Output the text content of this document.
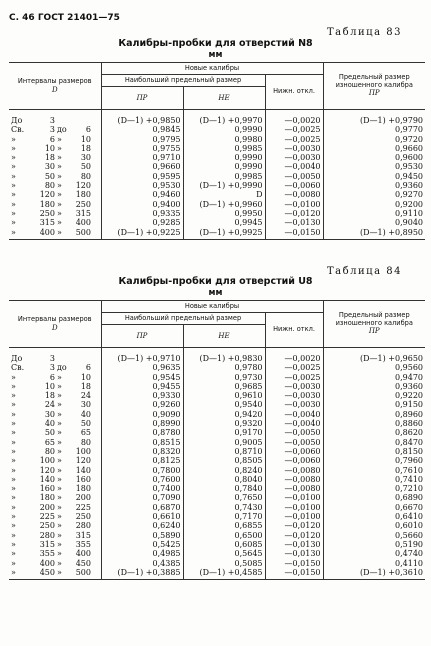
С. 46 ГОСТ 21401—75
Таблица 83
Калибры-пробки для отверстий N8
мм
Интервалы размеров
D	Новые калибры			Предельный размер изношенного калибра
ПР
	Наибольший предельный размер		Нижн. откл.	
	ПР	НЕ		
До 3	(D—1) +0,9850	(D—1) +0,9970	—0,0020	(D—1) +0,9790
Св. 3 до 6	0,9845	0,9990	—0,0025	0,9770
» 6 » 10	0,9795	0,9980	—0,0025	0,9720
» 10 » 18	0,9755	0,9985	—0,0030	0,9660
» 18 » 30	0,9710	0,9990	—0,0030	0,9600
» 30 » 50	0,9660	0,9990	—0,0040	0,9530
» 50 » 80	0,9595	0,9985	—0,0050	0,9450
» 80 » 120	0,9530	(D—1) +0,9990	—0,0060	0,9360
» 120 » 180	0,9460	D	—0,0080	0,9270
» 180 » 250	0,9400	(D—1) +0,9960	—0,0100	0,9200
» 250 » 315	0,9335	0,9950	—0,0120	0,9110
» 315 » 400	0,9285	0,9945	—0,0130	0,9040
» 400 » 500	(D—1) +0,9225	(D—1) +0,9925	—0,0150	(D—1) +0,8950
Таблица 84
Калибры-пробки для отверстий U8
мм
Интервалы размеров
D	Новые калибры			Предельный размер изношенного калибра
ПР
	Наибольший предельный размер		Нижн. откл.	
	ПР	НЕ		
До 3	(D—1) +0,9710	(D—1) +0,9830	—0,0020	(D—1) +0,9650
Св. 3 до 6	0,9635	0,9780	—0,0025	0,9560
» 6 » 10	0,9545	0,9730	—0,0025	0,9470
» 10 » 18	0,9455	0,9685	—0,0030	0,9360
» 18 » 24	0,9330	0,9610	—0,0030	0,9220
» 24 » 30	0,9260	0,9540	—0,0030	0,9150
» 30 » 40	0,9090	0,9420	—0,0040	0,8960
» 40 » 50	0,8990	0,9320	—0,0040	0,8860
» 50 » 65	0,8780	0,9170	—0,0050	0,8620
» 65 » 80	0,8515	0,9005	—0,0050	0,8470
» 80 » 100	0,8320	0,8710	—0,0060	0,8150
» 100 » 120	0,8125	0,8505	—0,0060	0,7960
» 120 » 140	0,7800	0,8240	—0,0080	0,7610
» 140 » 160	0,7600	0,8040	—0,0080	0,7410
» 160 » 180	0,7400	0,7840	—0,0080	0,7210
» 180 » 200	0,7090	0,7650	—0,0100	0,6890
» 200 » 225	0,6870	0,7430	—0,0100	0,6670
» 225 » 250	0,6610	0,7170	—0,0100	0,6410
» 250 » 280	0,6240	0,6855	—0,0120	0,6010
» 280 » 315	0,5890	0,6500	—0,0120	0,5660
» 315 » 355	0,5425	0,6085	—0,0130	0,5190
» 355 » 400	0,4985	0,5645	—0,0130	0,4740
» 400 » 450	0,4385	0,5085	—0,0150	0,4110
» 450 » 500	(D—1) +0,3885	(D—1) +0,4585	—0,0150	(D—1) +0,3610
